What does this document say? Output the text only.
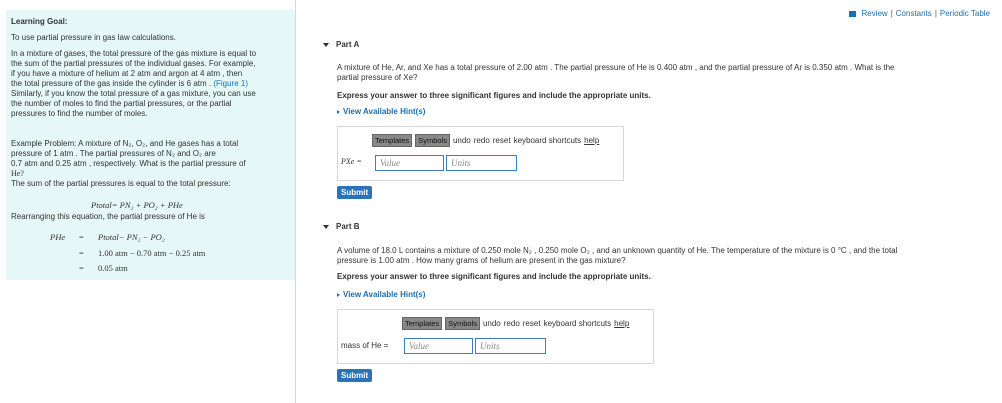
Learning Goal:
To use partial pressure in gas law calculations.

In a mixture of gases, the total pressure of the gas mixture is equal to

the sum of the partial pressures of the individual gases. For example,

if you have a mixture of helium at 2 atm and argon at 4 atm , then

the total pressure of the gas inside the cylinder is 6 atm . (Figure 1)

Similarly, if you know the total pressure of a gas mixture, you can use

the number of moles to find the partial pressures, or the partial

pressures to find the number of moles.

Example Problem: A mixture of N₂, O₂, and He gases has a total

pressure of 1 atm . The partial pressures of N₂ and O₂ are

0.7 atm and 0.25 atm , respectively. What is the partial pressure of

He?

The sum of the partial pressures is equal to the total pressure:

Ptotal= PN₂ + PO₂ + PHe
Rearranging this equation, the partial pressure of He is
PHe = Ptotal− PN₂ − PO₂
= 1.00 atm − 0.70 atm − 0.25 atm
= 0.05 atm
Review | Constants | Periodic Table
Part A

A mixture of He, Ar, and Xe has a total pressure of 2.00 atm . The partial pressure of He is 0.400 atm , and the partial pressure of Ar is 0.350 atm . What is the

partial pressure of Xe?

Express your answer to three significant figures and include the appropriate units.
View Available Hint(s)
Templates	Symbols undo redo reset keyboard shortcuts help
PXe =	Value	Units
Submit
Part B

A volume of 18.0 L contains a mixture of 0.250 mole N₂ , 0.250 mole O₂ , and an unknown quantity of He. The temperature of the mixture is 0 °C , and the total

pressure is 1.00 atm . How many grams of helium are present in the gas mixture?

Express your answer to three significant figures and include the appropriate units.
View Available Hint(s)
Templates	Symbols undo redo reset keyboard shortcuts help
mass of He =	Value	Units
Submit
